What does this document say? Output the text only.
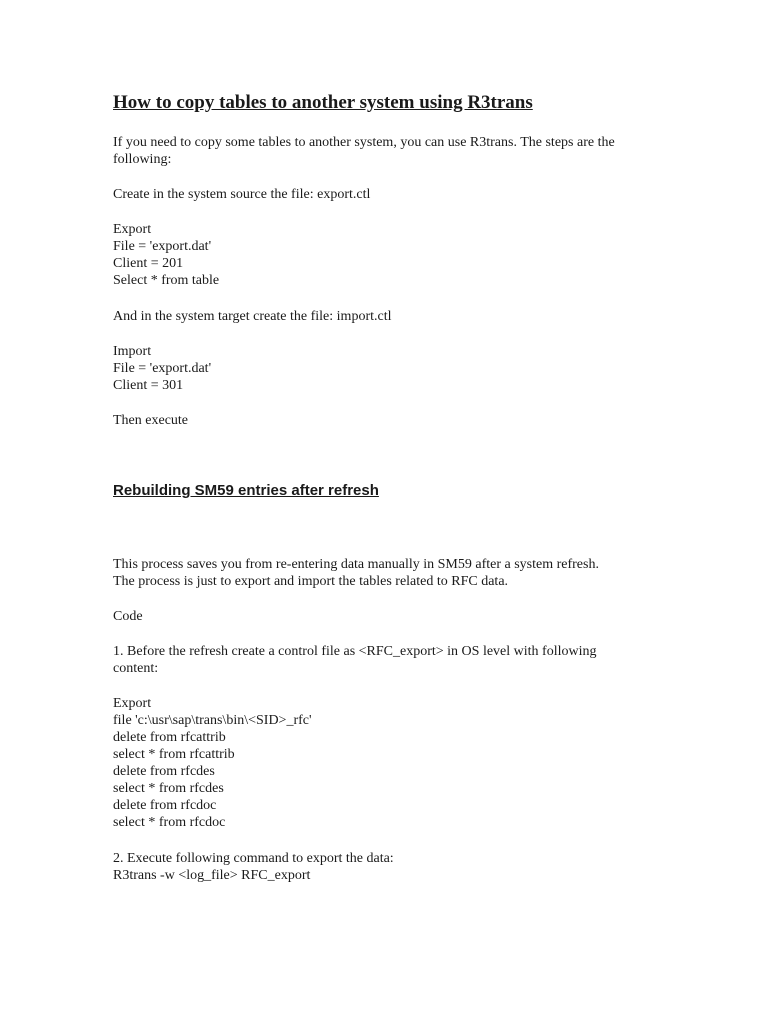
How to copy tables to another system using R3trans
If you need to copy some tables to another system, you can use R3trans. The steps are the
following:
Create in the system source the file: export.ctl
Export
File = 'export.dat'
Client = 201
Select * from table
And in the system target create the file: import.ctl
Import
File = 'export.dat'
Client = 301
Then execute
Rebuilding SM59 entries after refresh
This process saves you from re-entering data manually in SM59 after a system refresh.
The process is just to export and import the tables related to RFC data.
Code
1. Before the refresh create a control file as <RFC_export> in OS level with following
content:
Export
file 'c:\usr\sap\trans\bin\<SID>_rfc'
delete from rfcattrib
select * from rfcattrib
delete from rfcdes
select * from rfcdes
delete from rfcdoc
select * from rfcdoc
2. Execute following command to export the data:
R3trans -w <log_file> RFC_export
